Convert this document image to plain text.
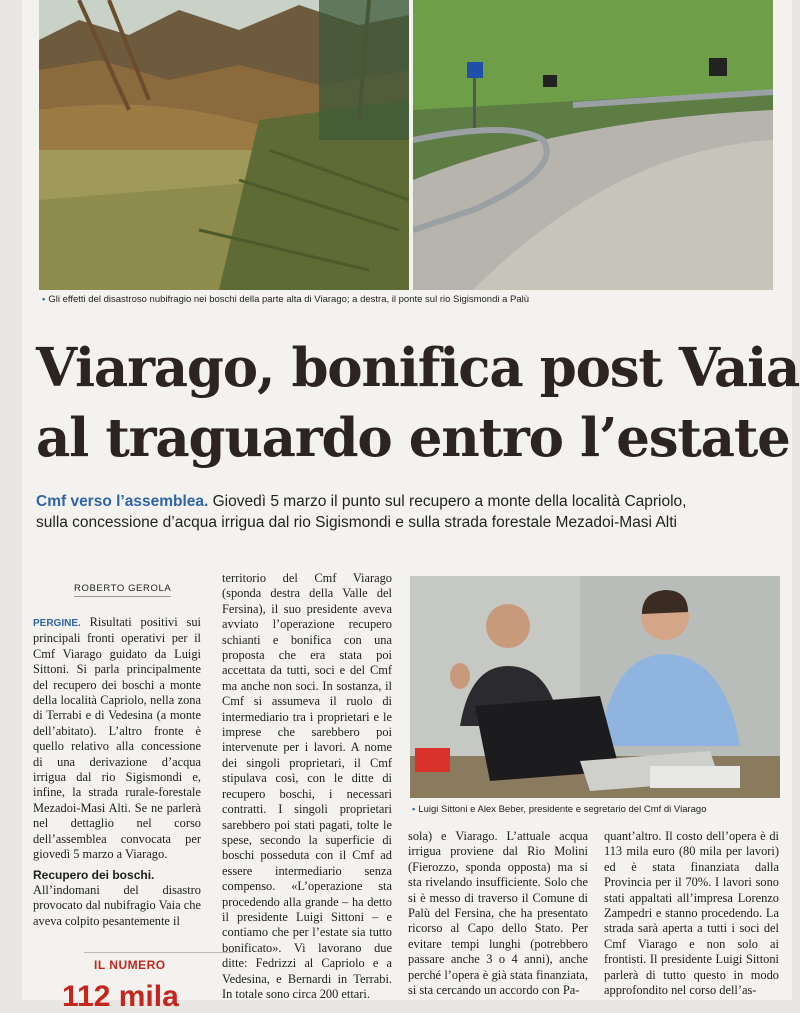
• Gli effetti del disastroso nubifragio nei boschi della parte alta di Viarago; a destra, il ponte sul rio Sigismondi a Palù
Viarago, bonifica post Vaia
al traguardo entro l’estate
Cmf verso l’assemblea. Giovedì 5 marzo il punto sul recupero a monte della località Capriolo,
sulla concessione d’acqua irrigua dal rio Sigismondi e sulla strada forestale Mezadoi-Masi Alti
ROBERTO GEROLA

PERGINE. Risultati positivi sui principali fronti operativi per il Cmf Viarago guidato da Luigi Sittoni. Si parla principalmente del recupero dei boschi a monte della località Capriolo, nella zona di Terrabi e di Vedesina (a monte dell’abitato). L’altro fronte è quello relativo alla concessione di una derivazione d’acqua irrigua dal rio Sigismondi e, infine, la strada rurale-forestale Mezadoi-Masi Alti. Se ne parlerà nel dettaglio nel corso dell’assemblea convocata per giovedì 5 marzo a Viarago.

Recupero dei boschi.

All’indomani del disastro provocato dal nubifragio Vaia che aveva colpito pesantemente il

IL NUMERO
112 mila

territorio del Cmf Viarago (sponda destra della Valle del Fersina), il suo presidente aveva avviato l’operazione recupero schianti e bonifica con una proposta che era stata poi accettata da tutti, soci e del Cmf ma anche non soci. In sostanza, il Cmf si assumeva il ruolo di intermediario tra i proprietari e le imprese che sarebbero poi intervenute per i lavori. A nome dei singoli proprietari, il Cmf stipulava così, con le ditte di recupero boschi, i necessari contratti. I singoli proprietari sarebbero poi stati pagati, tolte le spese, secondo la superficie di boschi posseduta con il Cmf ad essere intermediario senza compenso. «L’operazione sta procedendo alla grande – ha detto il presidente Luigi Sittoni – e contiamo che per l’estate sia tutto bonificato». Vi lavorano due ditte: Fedrizzi al Capriolo e a Vedesina, e Bernardi in Terrabi. In totale sono circa 200 ettari.

• Luigi Sittoni e Alex Beber, presidente e segretario del Cmf di Viarago

sola) e Viarago. L’attuale acqua irrigua proviene dal Rio Molini (Fierozzo, sponda opposta) ma si sta rivelando insufficiente. Solo che si è messo di traverso il Comune di Palù del Fersina, che ha presentato ricorso al Capo dello Stato. Per evitare tempi lunghi (potrebbero passare anche 3 o 4 anni), anche perché l’opera è già stata finanziata, si sta cercando un accordo con Pa-

quant’altro. Il costo dell’opera è di 113 mila euro (80 mila per lavori) ed è stata finanziata dalla Provincia per il 70%. I lavori sono stati appaltati all’impresa Lorenzo Zampedri e stanno procedendo. La strada sarà aperta a tutti i soci del Cmf Viarago e non solo ai frontisti. Il presidente Luigi Sittoni parlerà di tutto questo in modo approfondito nel corso dell’as-
